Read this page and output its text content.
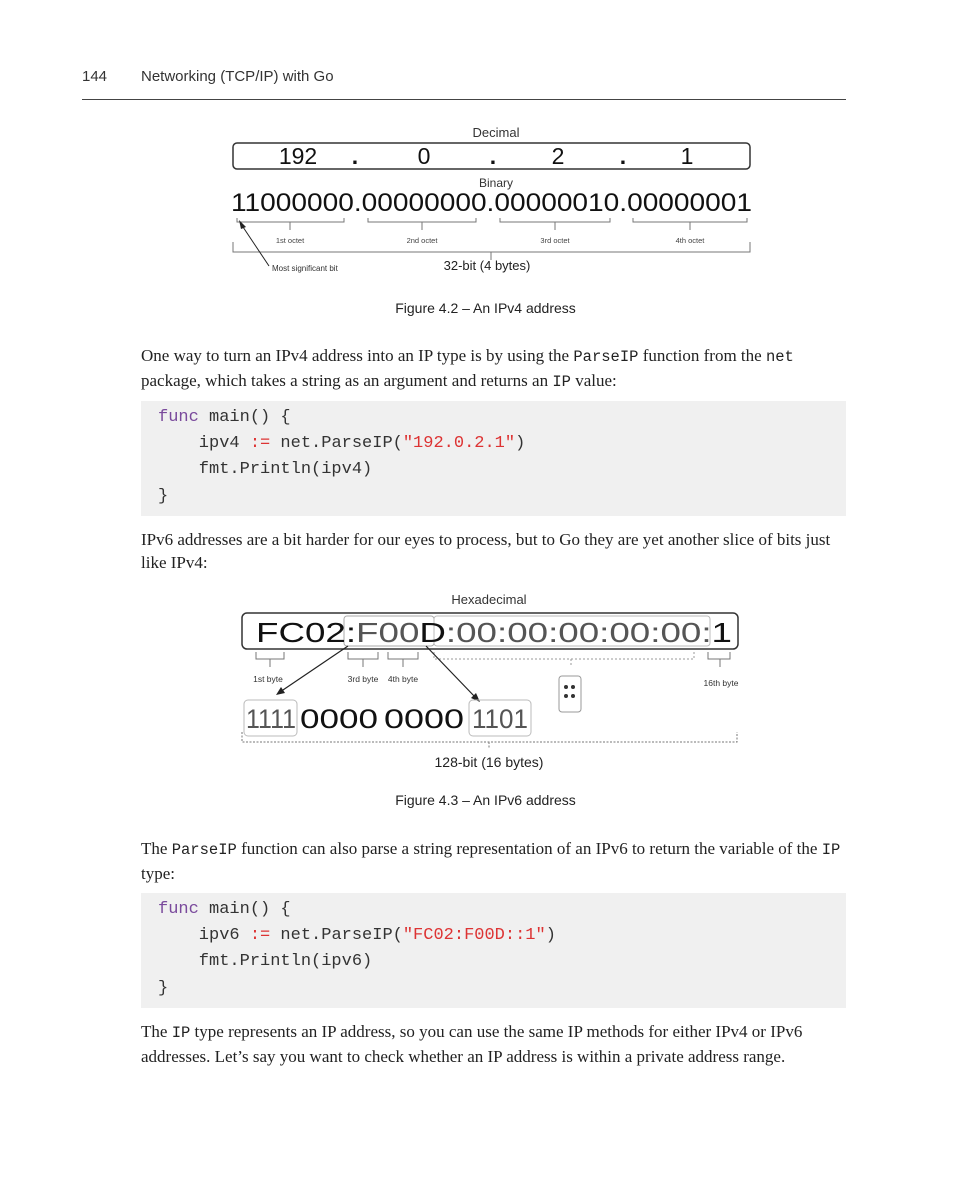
144 Networking (TCP/IP) with Go
Decimal
192 .	0	. 2 . 1
Binary
11000000.00000000.00000010.00000001
1st octet	2nd octet	3rd octet	4th octet
32-bit (4 bytes)
Most significant bit
Figure 4.2 – An IPv4 address
One way to turn an IPv4 address into an IP type is by using the ParseIP function from the net package, which takes a string as an argument and returns an IP value:
func main() {
ipv4 := net.ParseIP("192.0.2.1")
fmt.Println(ipv4)
}
IPv6 addresses are a bit harder for our eyes to process, but to Go they are yet another slice of bits just like IPv4:
Hexadecimal
FC02: F00 D :00:00:00:00:00: 1
1st byte	3rd byte 4th byte	16th byte
1111 0000 0000 1101
128-bit (16 bytes)
Figure 4.3 – An IPv6 address
The ParseIP function can also parse a string representation of an IPv6 to return the variable of the IP type:
func main() {
ipv6 := net.ParseIP("FC02:F00D::1")
fmt.Println(ipv6)
}
The IP type represents an IP address, so you can use the same IP methods for either IPv4 or IPv6 addresses. Let’s say you want to check whether an IP address is within a private address range.
